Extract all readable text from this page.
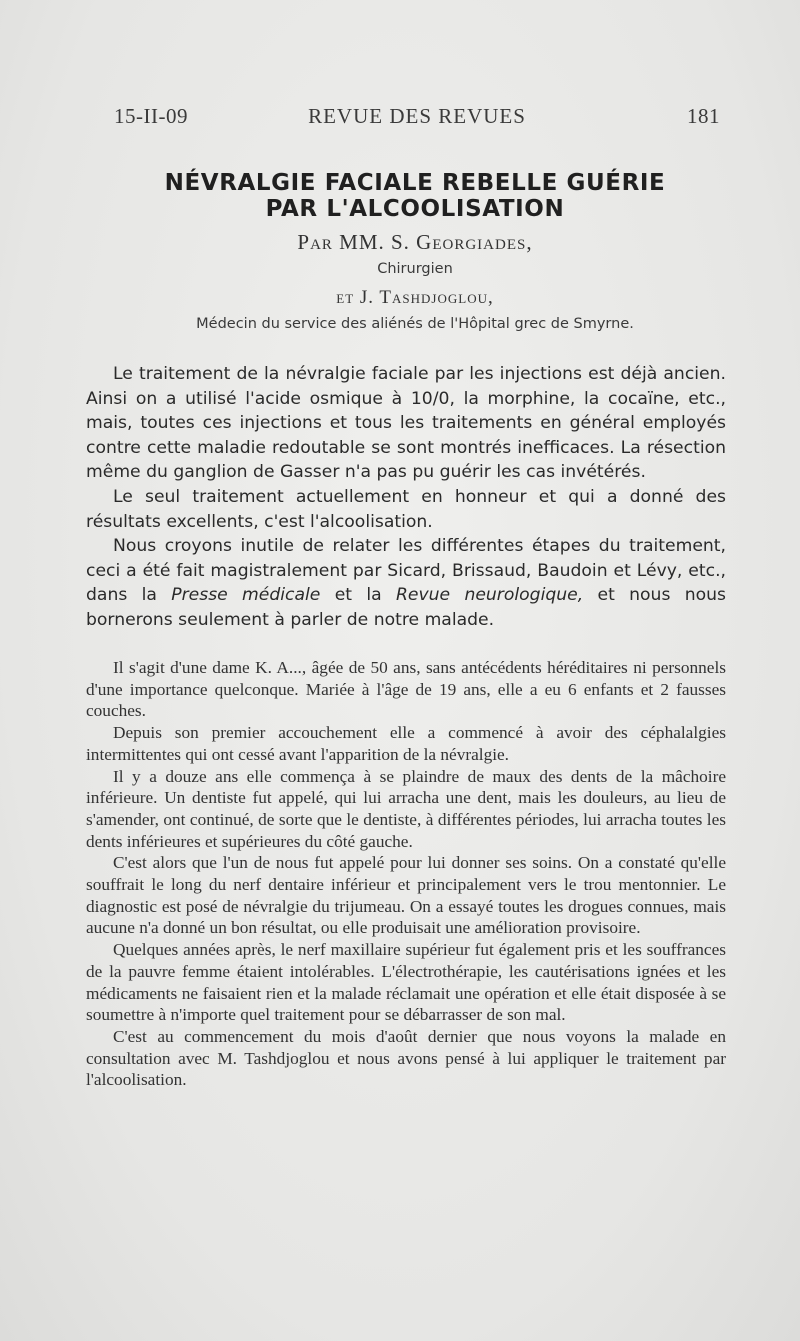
15-II-09	REVUE DES REVUES	181
NÉVRALGIE FACIALE REBELLE GUÉRIE
PAR L'ALCOOLISATION
Par MM. S. Georgiades,
Chirurgien
et J. Tashdjoglou,
Médecin du service des aliénés de l'Hôpital grec de Smyrne.

Le traitement de la névralgie faciale par les injections est déjà ancien. Ainsi on a utilisé l'acide osmique à 10/0, la morphine, la cocaïne, etc., mais, toutes ces injections et tous les traitements en général employés contre cette maladie redoutable se sont montrés inefficaces. La résection même du ganglion de Gasser n'a pas pu guérir les cas invétérés.

Le seul traitement actuellement en honneur et qui a donné des résultats excellents, c'est l'alcoolisation.

Nous croyons inutile de relater les différentes étapes du traitement, ceci a été fait magistralement par Sicard, Brissaud, Baudoin et Lévy, etc., dans la Presse médicale et la Revue neurologique, et nous nous bornerons seulement à parler de notre malade.

Il s'agit d'une dame K. A..., âgée de 50 ans, sans antécédents héréditaires ni personnels d'une importance quelconque. Mariée à l'âge de 19 ans, elle a eu 6 enfants et 2 fausses couches.

Depuis son premier accouchement elle a commencé à avoir des céphalalgies intermittentes qui ont cessé avant l'apparition de la névralgie.

Il y a douze ans elle commença à se plaindre de maux des dents de la mâchoire inférieure. Un dentiste fut appelé, qui lui arracha une dent, mais les douleurs, au lieu de s'amender, ont continué, de sorte que le dentiste, à différentes périodes, lui arracha toutes les dents inférieures et supérieures du côté gauche.

C'est alors que l'un de nous fut appelé pour lui donner ses soins. On a constaté qu'elle souffrait le long du nerf dentaire inférieur et principalement vers le trou mentonnier. Le diagnostic est posé de névralgie du trijumeau. On a essayé toutes les drogues connues, mais aucune n'a donné un bon résultat, ou elle produisait une amélioration provisoire.

Quelques années après, le nerf maxillaire supérieur fut également pris et les souffrances de la pauvre femme étaient intolérables. L'électrothérapie, les cautérisations ignées et les médicaments ne faisaient rien et la malade réclamait une opération et elle était disposée à se soumettre à n'importe quel traitement pour se débarrasser de son mal.

C'est au commencement du mois d'août dernier que nous voyons la malade en consultation avec M. Tashdjoglou et nous avons pensé à lui appliquer le traitement par l'alcoolisation.
